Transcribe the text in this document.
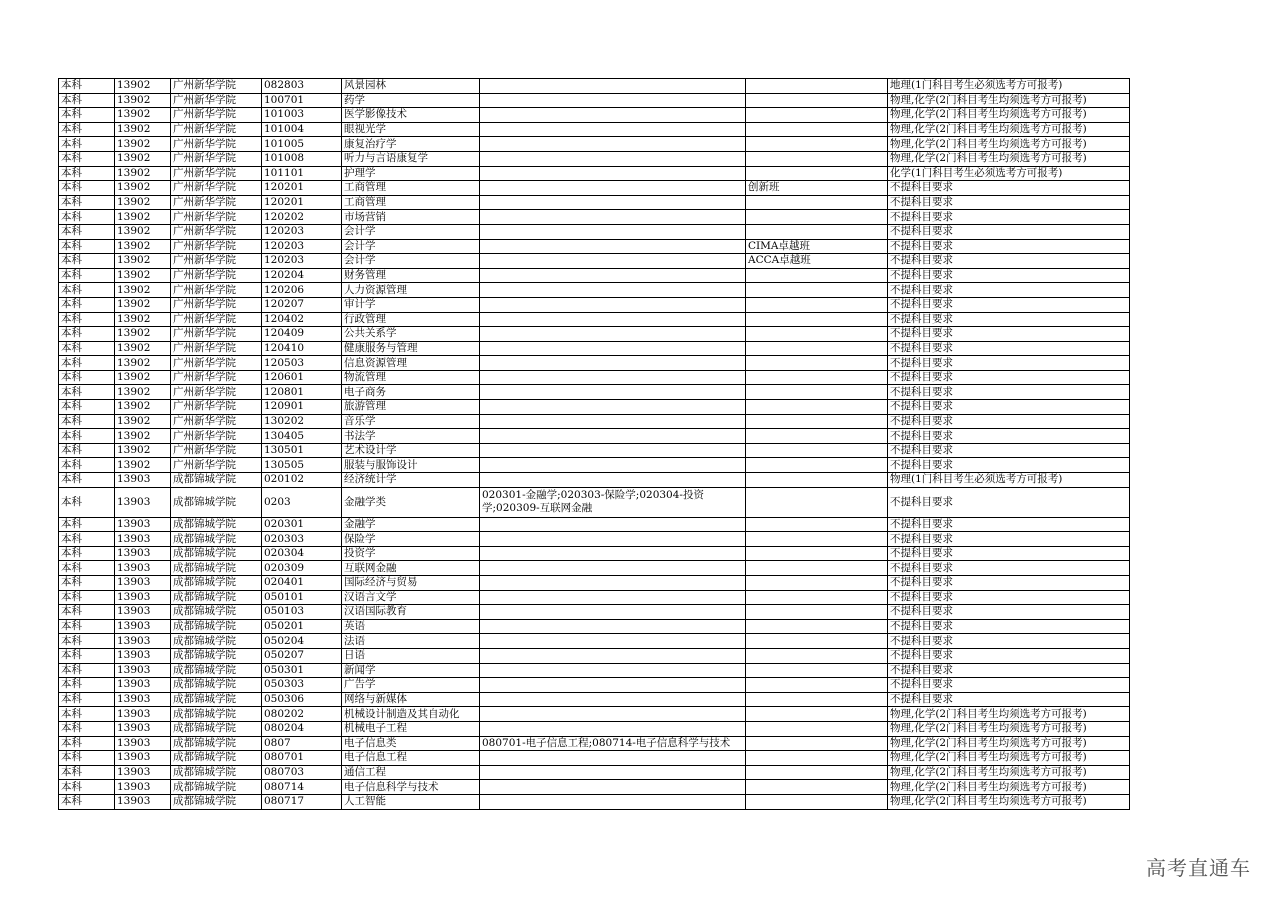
本科	13902	广州新华学院	082803	风景园林			地理(1门科目考生必须选考方可报考)
本科	13902	广州新华学院	100701	药学			物理,化学(2门科目考生均须选考方可报考)
本科	13902	广州新华学院	101003	医学影像技术			物理,化学(2门科目考生均须选考方可报考)
本科	13902	广州新华学院	101004	眼视光学			物理,化学(2门科目考生均须选考方可报考)
本科	13902	广州新华学院	101005	康复治疗学			物理,化学(2门科目考生均须选考方可报考)
本科	13902	广州新华学院	101008	听力与言语康复学			物理,化学(2门科目考生均须选考方可报考)
本科	13902	广州新华学院	101101	护理学			化学(1门科目考生必须选考方可报考)
本科	13902	广州新华学院	120201	工商管理		创新班	不提科目要求
本科	13902	广州新华学院	120201	工商管理			不提科目要求
本科	13902	广州新华学院	120202	市场营销			不提科目要求
本科	13902	广州新华学院	120203	会计学			不提科目要求
本科	13902	广州新华学院	120203	会计学		CIMA卓越班	不提科目要求
本科	13902	广州新华学院	120203	会计学		ACCA卓越班	不提科目要求
本科	13902	广州新华学院	120204	财务管理			不提科目要求
本科	13902	广州新华学院	120206	人力资源管理			不提科目要求
本科	13902	广州新华学院	120207	审计学			不提科目要求
本科	13902	广州新华学院	120402	行政管理			不提科目要求
本科	13902	广州新华学院	120409	公共关系学			不提科目要求
本科	13902	广州新华学院	120410	健康服务与管理			不提科目要求
本科	13902	广州新华学院	120503	信息资源管理			不提科目要求
本科	13902	广州新华学院	120601	物流管理			不提科目要求
本科	13902	广州新华学院	120801	电子商务			不提科目要求
本科	13902	广州新华学院	120901	旅游管理			不提科目要求
本科	13902	广州新华学院	130202	音乐学			不提科目要求
本科	13902	广州新华学院	130405	书法学			不提科目要求
本科	13902	广州新华学院	130501	艺术设计学			不提科目要求
本科	13902	广州新华学院	130505	服装与服饰设计			不提科目要求
本科	13903	成都锦城学院	020102	经济统计学			物理(1门科目考生必须选考方可报考)
本科	13903	成都锦城学院	0203	金融学类	020301-金融学;020303-保险学;020304-投资学;020309-互联网金融		不提科目要求
本科	13903	成都锦城学院	020301	金融学			不提科目要求
本科	13903	成都锦城学院	020303	保险学			不提科目要求
本科	13903	成都锦城学院	020304	投资学			不提科目要求
本科	13903	成都锦城学院	020309	互联网金融			不提科目要求
本科	13903	成都锦城学院	020401	国际经济与贸易			不提科目要求
本科	13903	成都锦城学院	050101	汉语言文学			不提科目要求
本科	13903	成都锦城学院	050103	汉语国际教育			不提科目要求
本科	13903	成都锦城学院	050201	英语			不提科目要求
本科	13903	成都锦城学院	050204	法语			不提科目要求
本科	13903	成都锦城学院	050207	日语			不提科目要求
本科	13903	成都锦城学院	050301	新闻学			不提科目要求
本科	13903	成都锦城学院	050303	广告学			不提科目要求
本科	13903	成都锦城学院	050306	网络与新媒体			不提科目要求
本科	13903	成都锦城学院	080202	机械设计制造及其自动化			物理,化学(2门科目考生均须选考方可报考)
本科	13903	成都锦城学院	080204	机械电子工程			物理,化学(2门科目考生均须选考方可报考)
本科	13903	成都锦城学院	0807	电子信息类	080701-电子信息工程;080714-电子信息科学与技术		物理,化学(2门科目考生均须选考方可报考)
本科	13903	成都锦城学院	080701	电子信息工程			物理,化学(2门科目考生均须选考方可报考)
本科	13903	成都锦城学院	080703	通信工程			物理,化学(2门科目考生均须选考方可报考)
本科	13903	成都锦城学院	080714	电子信息科学与技术			物理,化学(2门科目考生均须选考方可报考)
本科	13903	成都锦城学院	080717	人工智能			物理,化学(2门科目考生均须选考方可报考)
高考直通车
